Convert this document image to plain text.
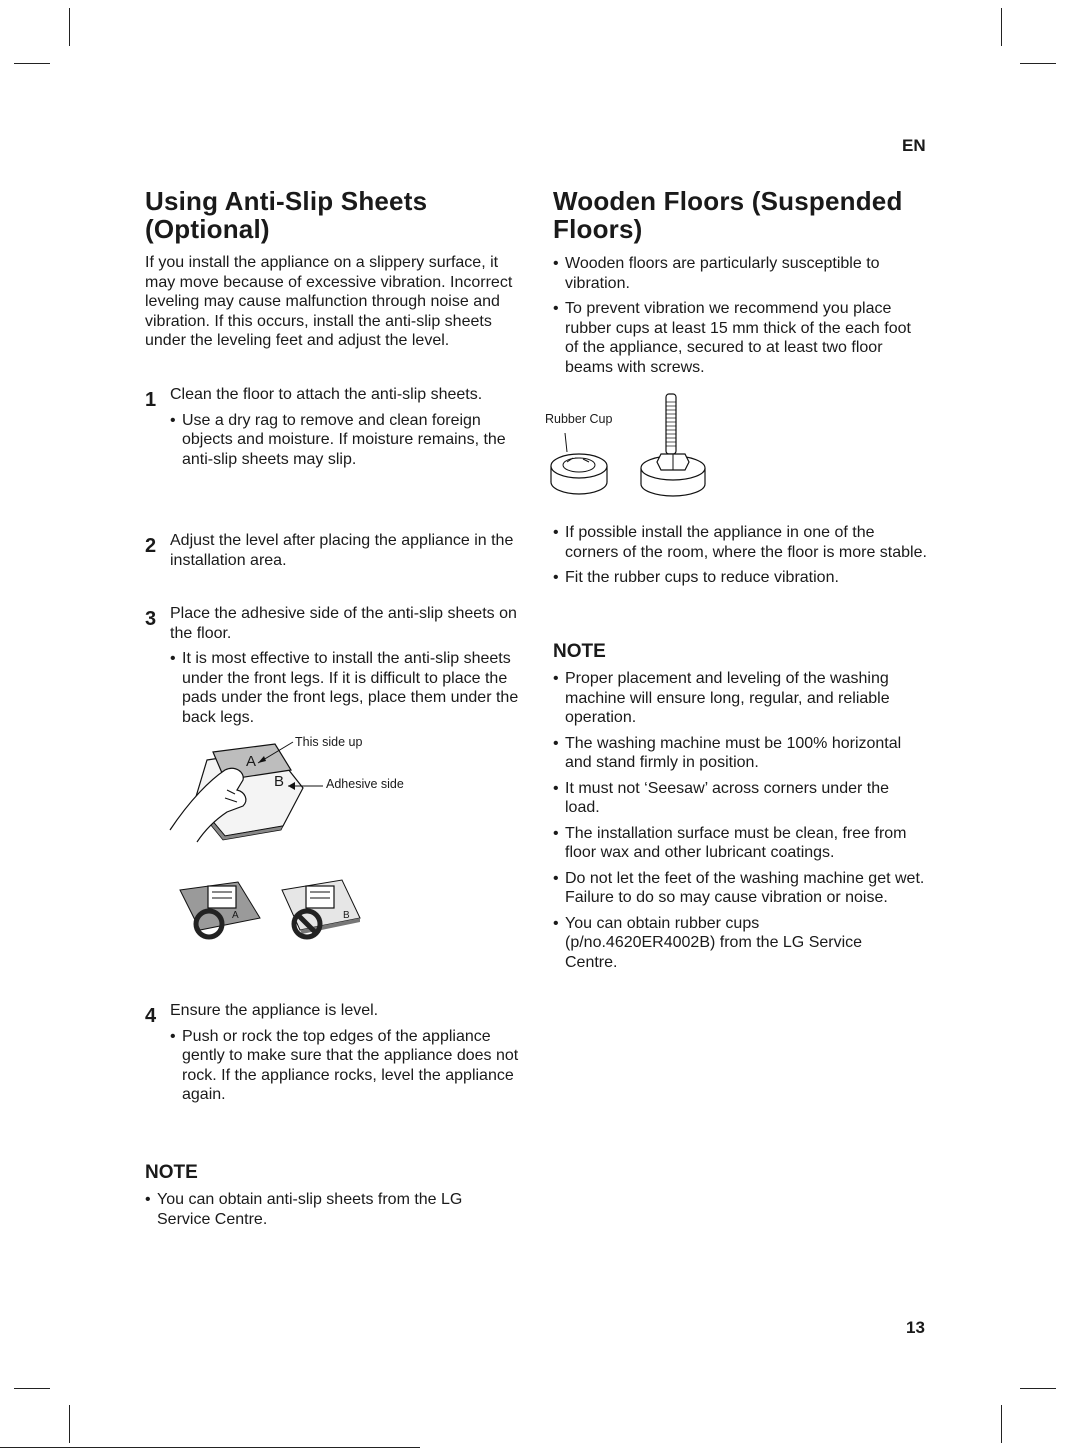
EN
13
Using Anti-Slip Sheets
(Optional)
If you install the appliance on a slippery surface, it may move because of excessive vibration. Incorrect leveling may cause malfunction through noise and vibration. If this occurs, install the anti-slip sheets under the leveling feet and adjust the level.
1 Clean the floor to attach the anti-slip sheets.
• Use a dry rag to remove and clean foreign objects and moisture. If moisture remains, the anti-slip sheets may slip.
2 Adjust the level after placing the appliance in the installation area.
3 Place the adhesive side of the anti-slip sheets on the floor.
• It is most effective to install the anti-slip sheets under the front legs. If it is difficult to place the pads under the front legs, place them under the back legs.
This side up
Adhesive side
A
B
A	B
4 Ensure the appliance is level.
• Push or rock the top edges of the appliance gently to make sure that the appliance does not rock. If the appliance rocks, level the appliance again.
NOTE
• You can obtain anti-slip sheets from the LG Service Centre.
Wooden Floors (Suspended
Floors)
• Wooden floors are particularly susceptible to vibration.
• To prevent vibration we recommend you place rubber cups at least 15 mm thick of the each foot of the appliance, secured to at least two floor beams with screws.
Rubber Cup
• If possible install the appliance in one of the corners of the room, where the floor is more stable.
• Fit the rubber cups to reduce vibration.
NOTE
• Proper placement and leveling of the washing machine will ensure long, regular, and reliable operation.
• The washing machine must be 100% horizontal and stand firmly in position.
• It must not ‘Seesaw’ across corners under the load.
• The installation surface must be clean, free from floor wax and other lubricant coatings.
• Do not let the feet of the washing machine get wet. Failure to do so may cause vibration or noise.
• You can obtain rubber cups (p/no.4620ER4002B) from the LG Service Centre.
